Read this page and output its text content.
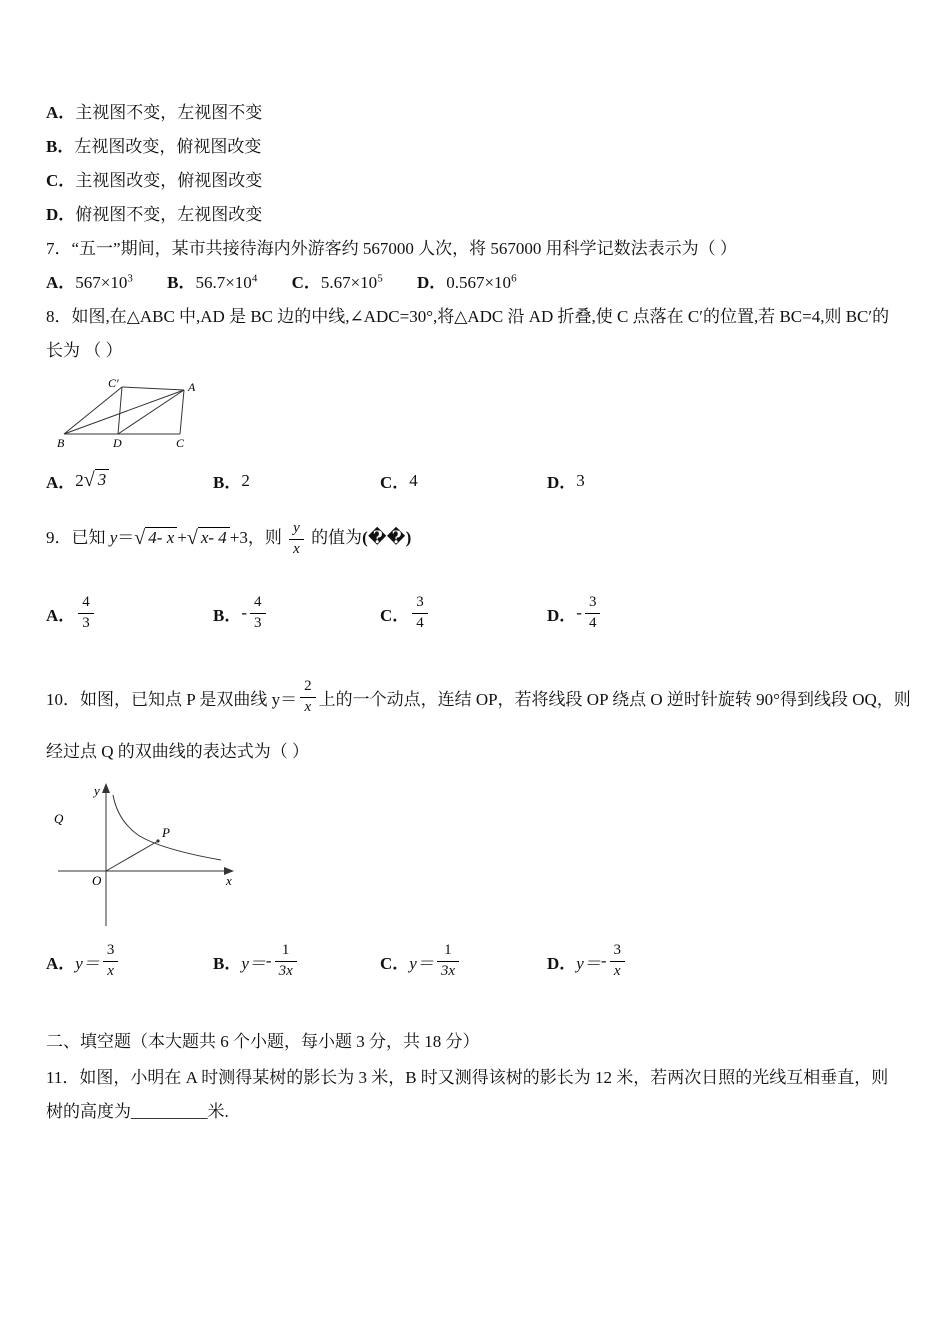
A．主视图不变，左视图不变
B．左视图改变，俯视图改变
C．主视图改变，俯视图改变
D．俯视图不变，左视图改变
7．“五一”期间，某市共接待海内外游客约 567000 人次，将 567000 用科学记数法表示为（ ）
A．$567\times 10^3$ B．$56.7\times 10^4$ C．$5.67\times 10^5$ D．$0.567\times 10^6$
8．如图,在△ABC 中,AD 是 BC 边的中线,∠ADC=30°,将△ADC 沿 AD 折叠,使 C 点落在 C′的位置,若 BC=4,则 BC′的长为 （ ）
B	D	C
A
C′
A． 2 √ 3	B． 2	C． 4	D． 3
9．已知 y＝√ 4- x +√ x- 4 +3，则 $\frac{y}{x}$ 的值为(��)
A． $\frac{4}{3}$	B． - $\frac{4}{3}$	C． $\frac{3}{4}$	D． - $\frac{3}{4}$
10．如图，已知点 P 是双曲线 $y= \frac{2}{x}$ 上的一个动点，连结 OP，若将线段 OP 绕点 O 逆时针旋转 90°得到线段 OQ，则
经过点 Q 的双曲线的表达式为（ ）
y
Q
P
O	x
A． $y= \frac{3}{x}$	B． $y= - \frac{1}{3x}$	C． $y= \frac{1}{3x}$	D． $y= - \frac{3}{x}$
二、填空题（本大题共 6 个小题，每小题 3 分，共 18 分）
11．如图，小明在 A 时测得某树的影长为 3 米，B 时又测得该树的影长为 12 米，若两次日照的光线互相垂直，则树的高度为_________米.
